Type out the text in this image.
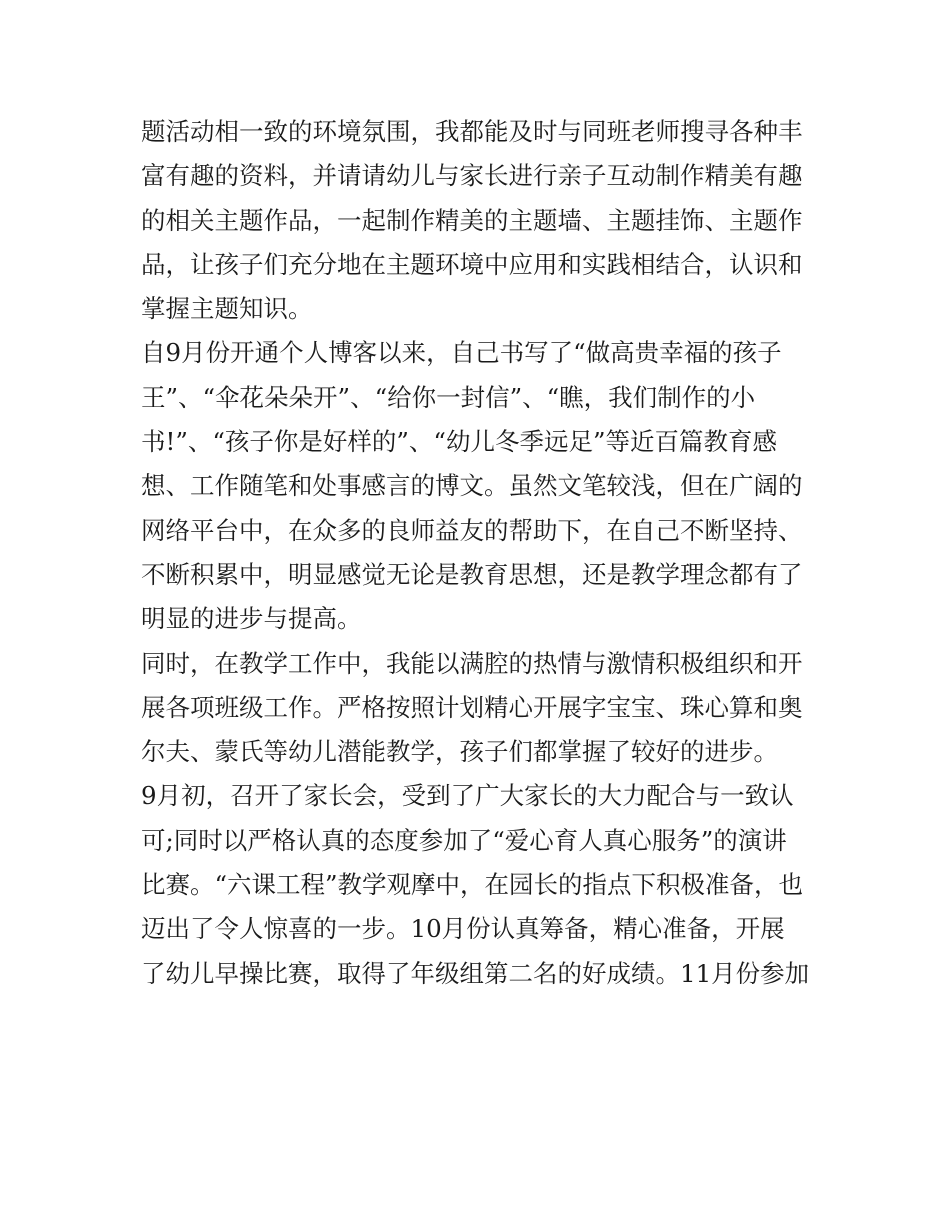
题活动相一致的环境氛围，我都能及时与同班老师搜寻各种丰
富有趣的资料，并请请幼儿与家长进行亲子互动制作精美有趣
的相关主题作品，一起制作精美的主题墙、主题挂饰、主题作
品，让孩子们充分地在主题环境中应用和实践相结合，认识和
掌握主题知识。
自9月份开通个人博客以来，自己书写了“做高贵幸福的孩子
王”、“伞花朵朵开”、“给你一封信”、“瞧，我们制作的小
书!”、“孩子你是好样的”、“幼儿冬季远足”等近百篇教育感
想、工作随笔和处事感言的博文。虽然文笔较浅，但在广阔的
网络平台中，在众多的良师益友的帮助下，在自己不断坚持、
不断积累中，明显感觉无论是教育思想，还是教学理念都有了
明显的进步与提高。
同时，在教学工作中，我能以满腔的热情与激情积极组织和开
展各项班级工作。严格按照计划精心开展字宝宝、珠心算和奥
尔夫、蒙氏等幼儿潜能教学，孩子们都掌握了较好的进步。
9月初，召开了家长会，受到了广大家长的大力配合与一致认
可;同时以严格认真的态度参加了“爱心育人真心服务”的演讲
比赛。“六课工程”教学观摩中，在园长的指点下积极准备，也
迈出了令人惊喜的一步。10月份认真筹备，精心准备，开展
了幼儿早操比赛，取得了年级组第二名的好成绩。11月份参加
